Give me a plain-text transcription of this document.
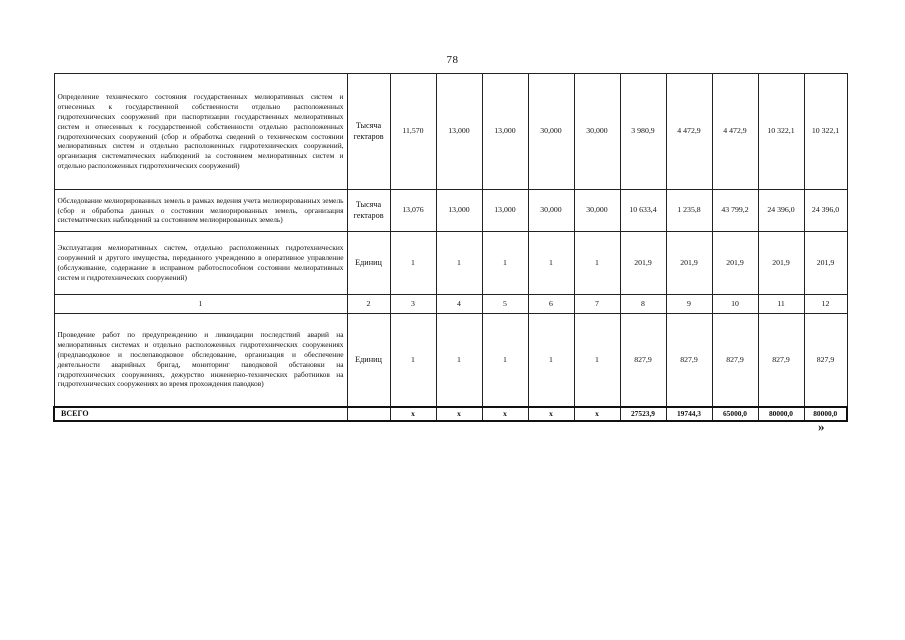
78
Определение технического состояния государственных мелиоративных систем и отнесенных к государственной собственности отдельно расположенных гидротехнических сооружений при паспортизации государственных мелиоративных систем и отнесенных к государственной собственности отдельно расположенных гидротехнических сооружений (сбор и обработка сведений о техническом состоянии мелиоративных систем и отдельно расположенных гидротехнических сооружений, организация систематических наблюдений за состоянием мелиоративных систем и отдельно расположенных гидротехнических сооружений)	Тысяча гектаров	11,570	13,000	13,000	30,000	30,000	3 980,9	4 472,9	4 472,9	10 322,1	10 322,1
Обследование мелиорированных земель в рамках ведения учета мелиорированных земель (сбор и обработка данных о состоянии мелиорированных земель, организация систематических наблюдений за состоянием мелиорированных земель)	Тысяча гектаров	13,076	13,000	13,000	30,000	30,000	10 633,4	1 235,8	43 799,2	24 396,0	24 396,0
Эксплуатация мелиоративных систем, отдельно расположенных гидротехнических сооружений и другого имущества, переданного учреждению в оперативное управление (обслуживание, содержание в исправном работоспособном состоянии мелиоративных систем и гидротехнических сооружений)	Единиц	1	1	1	1	1	201,9	201,9	201,9	201,9	201,9
1	2	3	4	5	6	7	8	9	10	11	12
Проведение работ по предупреждению и ликвидации последствий аварий на мелиоративных системах и отдельно расположенных гидротехнических сооружениях (предпаводковое и послепаводковое обследование, организация и обеспечение деятельности аварийных бригад, мониторинг паводковой обстановки на гидротехнических сооружениях, дежурство инженерно-технических работников на гидротехнических сооружениях во время прохождения паводков)	Единиц	1	1	1	1	1	827,9	827,9	827,9	827,9	827,9
ВСЕГО		x	x	x	x	x	27523,9	19744,3	65000,0	80000,0	80000,0
»
